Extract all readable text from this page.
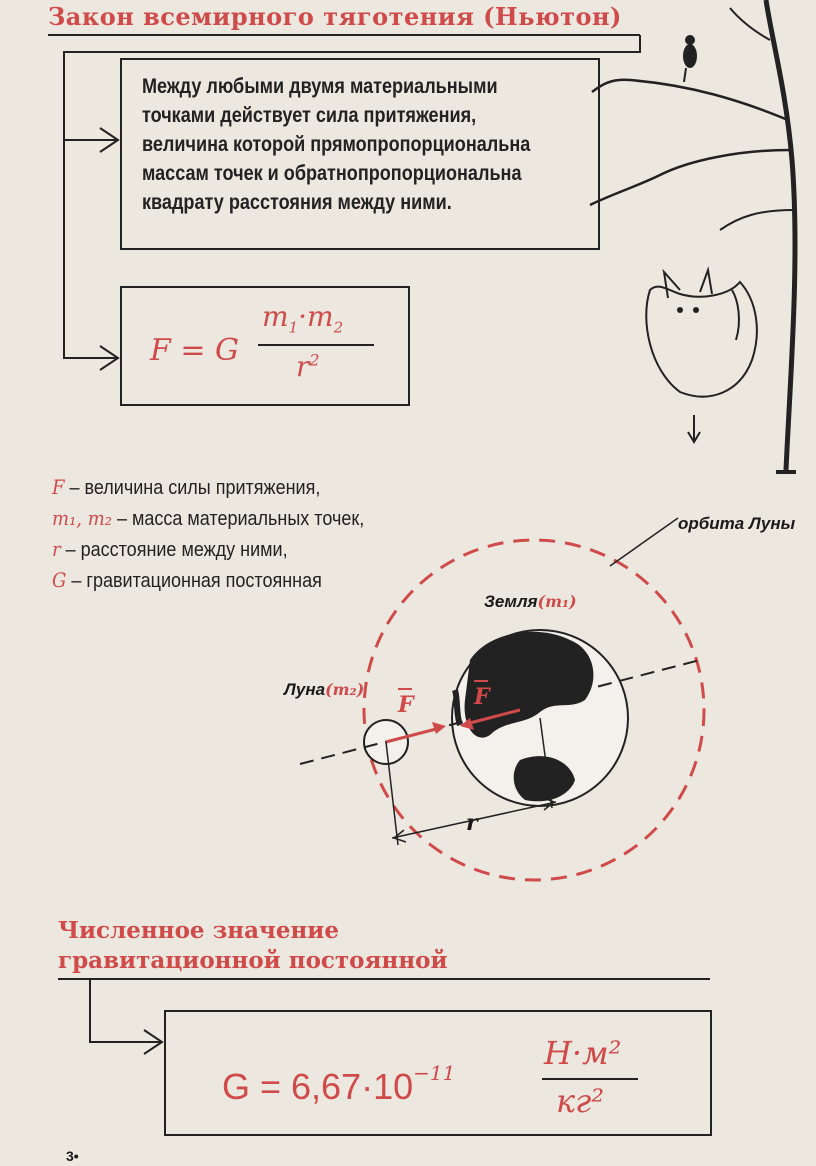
Закон всемирного тяготения (Ньютон)
Между любыми двумя материальными
точками действует сила притяжения,
величина которой прямопропорциональна
массам точек и обратнопропорциональна
квадрату расстояния между ними.
F = G
$m_1\cdot m_2$
$r^2$
F – величина силы притяжения,
m₁, m₂ – масса материальных точек,
r – расстояние между ними,
G – гравитационная постоянная
орбита Луны
Земля(m₁)
Луна(m₂)
F	F
r
Численное значение
гравитационной постоянной
$G = 6,67\cdot 10^{-11}$
Н·м²
кг²
3•
